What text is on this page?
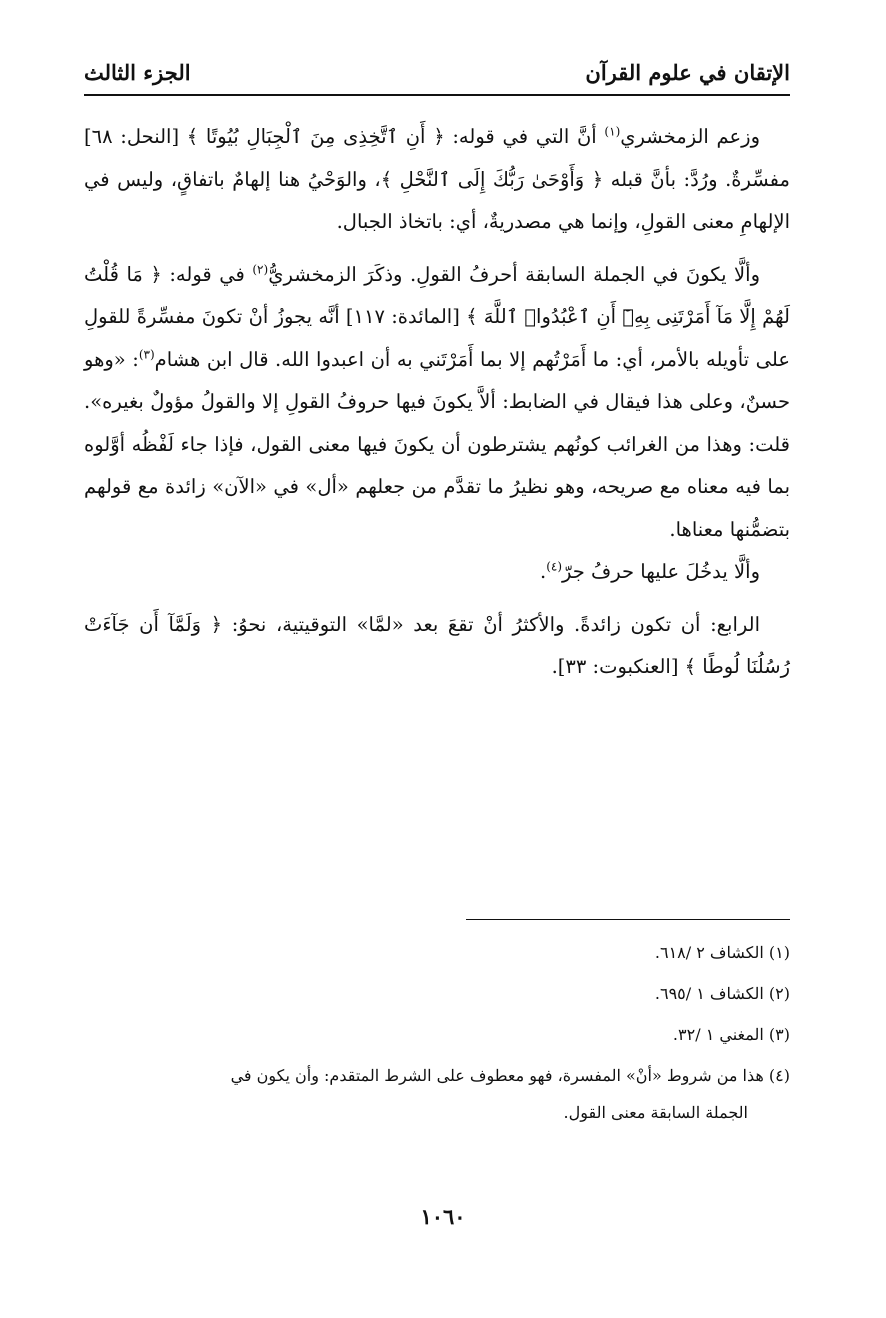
الإتقان في علوم القرآن
الجزء الثالث

وزعم الزمخشري$^{(١)}$ أنَّ التي في قوله: ﴿ أَنِ ٱتَّخِذِى مِنَ ٱلْجِبَالِ بُيُوتًا ﴾ [النحل: ٦٨] مفسِّرةٌ. ورُدَّ: بأنَّ قبله ﴿ وَأَوْحَىٰ رَبُّكَ إِلَى ٱلنَّحْلِ ﴾، والوَحْيُ هنا إلهامٌ باتفاقٍ، وليس في الإلهامِ معنى القولِ، وإنما هي مصدريةٌ، أي: باتخاذ الجبال.

وألَّا يكونَ في الجملة السابقة أحرفُ القولِ. وذكَرَ الزمخشريُّ$^{(٢)}$ في قوله: ﴿ مَا قُلْتُ لَهُمْ إِلَّا مَآ أَمَرْتَنِى بِهِۦٓ أَنِ ٱعْبُدُوا۟ ٱللَّهَ ﴾ [المائدة: ١١٧] أنَّه يجوزُ أنْ تكونَ مفسِّرةً للقولِ على تأويله بالأمر، أي: ما أَمَرْتُهم إلا بما أَمَرْتَني به أن اعبدوا الله. قال ابن هشام$^{(٣)}$: «وهو حسنٌ، وعلى هذا فيقال في الضابط: ألاَّ يكونَ فيها حروفُ القولِ إلا والقولُ مؤولٌ بغيره». قلت: وهذا من الغرائب كونُهم يشترطون أن يكونَ فيها معنى القول، فإذا جاء لَفْظُه أوَّلوه بما فيه معناه مع صريحه، وهو نظيرُ ما تقدَّم من جعلهم «أل» في «الآن» زائدة مع قولهم بتضمُّنها معناها.

وألَّا يدخُلَ عليها حرفُ جرّ$^{(٤)}$.

الرابع: أن تكون زائدةً. والأكثرُ أنْ تقعَ بعد «لمَّا» التوقيتية، نحوُ: ﴿ وَلَمَّآ أَن جَآءَتْ رُسُلُنَا لُوطًا ﴾ [العنكبوت: ٣٣].

(١) الكشاف ٢ /٦١٨.

(٢) الكشاف ١ /٦٩٥.

(٣) المغني ١ /٣٢.

(٤) هذا من شروط «أنْ» المفسرة، فهو معطوف على الشرط المتقدم: وأن يكون في

الجملة السابقة معنى القول.

١٠٦٠
